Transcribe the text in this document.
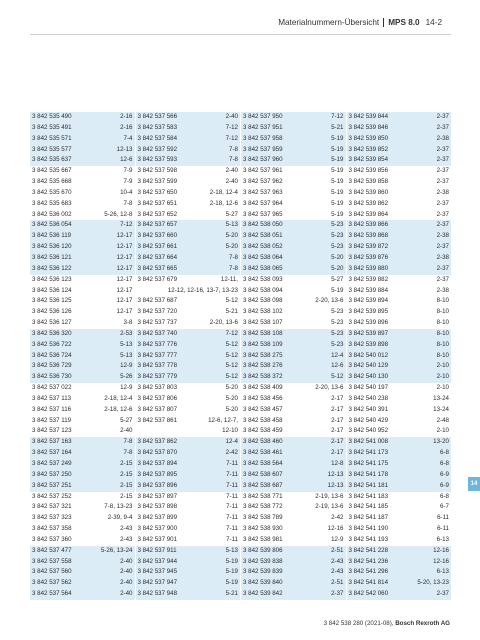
Materialnummern-Übersicht MPS 8.0 14-2
3 842 535 490	2-16
3 842 535 491	2-16
3 842 535 571	7-4
3 842 535 577	12-13
3 842 535 637	12-6
3 842 535 667	7-9
3 842 535 668	7-9
3 842 535 670	10-4
3 842 535 683	7-8
3 842 536 002	5-26, 12-8
3 842 536 054	7-12
3 842 536 119	12-17
3 842 536 120	12-17
3 842 536 121	12-17
3 842 536 122	12-17
3 842 536 123	12-17
3 842 536 124	12-17
3 842 536 125	12-17
3 842 536 126	12-17
3 842 536 127	3-8
3 842 536 320	2-53
3 842 536 722	5-13
3 842 536 724	5-13
3 842 536 729	12-9
3 842 536 730	5-26
3 842 537 022	12-9
3 842 537 113	2-18, 12-4
3 842 537 116	2-18, 12-6
3 842 537 119	5-27
3 842 537 123	2-40
3 842 537 163	7-8
3 842 537 164	7-8
3 842 537 249	2-15
3 842 537 250	2-15
3 842 537 251	2-15
3 842 537 252	2-15
3 842 537 321	7-8, 13-23
3 842 537 323	2-39, 9-4
3 842 537 358	2-43
3 842 537 360	2-43
3 842 537 477	5-26, 13-24
3 842 537 558	2-40
3 842 537 560	2-40
3 842 537 562	2-40
3 842 537 564	2-40
3 842 537 566	2-40
3 842 537 583	7-12
3 842 537 584	7-12
3 842 537 592	7-8
3 842 537 593	7-8
3 842 537 598	2-40
3 842 537 599	2-40
3 842 537 650	2-18, 12-4
3 842 537 651	2-18, 12-6
3 842 537 652	5-27
3 842 537 657	5-13
3 842 537 660	5-20
3 842 537 661	5-20
3 842 537 664	7-8
3 842 537 665	7-8
3 842 537 679	12-11,
12-12, 12-16, 13-7, 13-23
3 842 537 687	5-12
3 842 537 720	5-21
3 842 537 737	2-20, 13-6
3 842 537 740	7-12
3 842 537 776	5-12
3 842 537 777	5-12
3 842 537 778	5-12
3 842 537 779	5-12
3 842 537 803	5-20
3 842 537 806	5-20
3 842 537 807	5-20
3 842 537 861	12-6, 12-7,
12-10
3 842 537 862	12-4
3 842 537 870	2-42
3 842 537 894	7-11
3 842 537 895	7-11
3 842 537 896	7-11
3 842 537 897	7-11
3 842 537 898	7-11
3 842 537 899	7-11
3 842 537 900	7-11
3 842 537 901	7-11
3 842 537 911	5-13
3 842 537 944	5-19
3 842 537 945	5-19
3 842 537 947	5-19
3 842 537 948	5-21
3 842 537 950	7-12
3 842 537 951	5-21
3 842 537 958	5-19
3 842 537 959	5-19
3 842 537 960	5-19
3 842 537 961	5-19
3 842 537 962	5-19
3 842 537 963	5-19
3 842 537 964	5-19
3 842 537 965	5-19
3 842 538 050	5-23
3 842 538 051	5-23
3 842 538 052	5-23
3 842 538 064	5-20
3 842 538 065	5-20
3 842 538 093	5-27
3 842 538 094	5-19
3 842 538 098	2-20, 13-6
3 842 538 102	5-23
3 842 538 107	5-23
3 842 538 108	5-23
3 842 538 109	5-23
3 842 538 275	12-4
3 842 538 276	12-6
3 842 538 372	5-12
3 842 538 409	2-20, 13-6
3 842 538 456	2-17
3 842 538 457	2-17
3 842 538 458	2-17
3 842 538 459	2-17
3 842 538 460	2-17
3 842 538 461	2-17
3 842 538 564	12-8
3 842 538 607	12-13
3 842 538 687	12-13
3 842 538 771	2-19, 13-6
3 842 538 772	2-19, 13-6
3 842 538 789	2-42
3 842 538 930	12-16
3 842 538 981	12-9
3 842 539 806	2-51
3 842 539 838	2-43
3 842 539 839	2-43
3 842 539 840	2-51
3 842 539 842	2-37
3 842 539 844	2-37
3 842 539 846	2-37
3 842 539 850	2-38
3 842 539 852	2-37
3 842 539 854	2-37
3 842 539 856	2-37
3 842 539 858	2-37
3 842 539 860	2-38
3 842 539 862	2-37
3 842 539 864	2-37
3 842 539 866	2-37
3 842 539 868	2-38
3 842 539 872	2-37
3 842 539 876	2-38
3 842 539 880	2-37
3 842 539 882	2-37
3 842 539 884	2-38
3 842 539 894	8-10
3 842 539 895	8-10
3 842 539 896	8-10
3 842 539 897	8-10
3 842 539 898	8-10
3 842 540 012	8-10
3 842 540 129	2-10
3 842 540 130	2-10
3 842 540 197	2-10
3 842 540 238	13-24
3 842 540 391	13-24
3 842 540 429	2-48
3 842 540 952	2-10
3 842 541 008	13-20
3 842 541 173	6-8
3 842 541 175	6-8
3 842 541 178	6-9
3 842 541 181	6-9
3 842 541 183	6-8
3 842 541 185	6-7
3 842 541 187	6-11
3 842 541 190	6-11
3 842 541 193	6-13
3 842 541 228	12-16
3 842 541 236	12-16
3 842 541 296	6-13
3 842 541 814	5-20, 13-23
3 842 542 060	2-37
14
3 842 538 280 (2021-08), Bosch Rexroth AG
